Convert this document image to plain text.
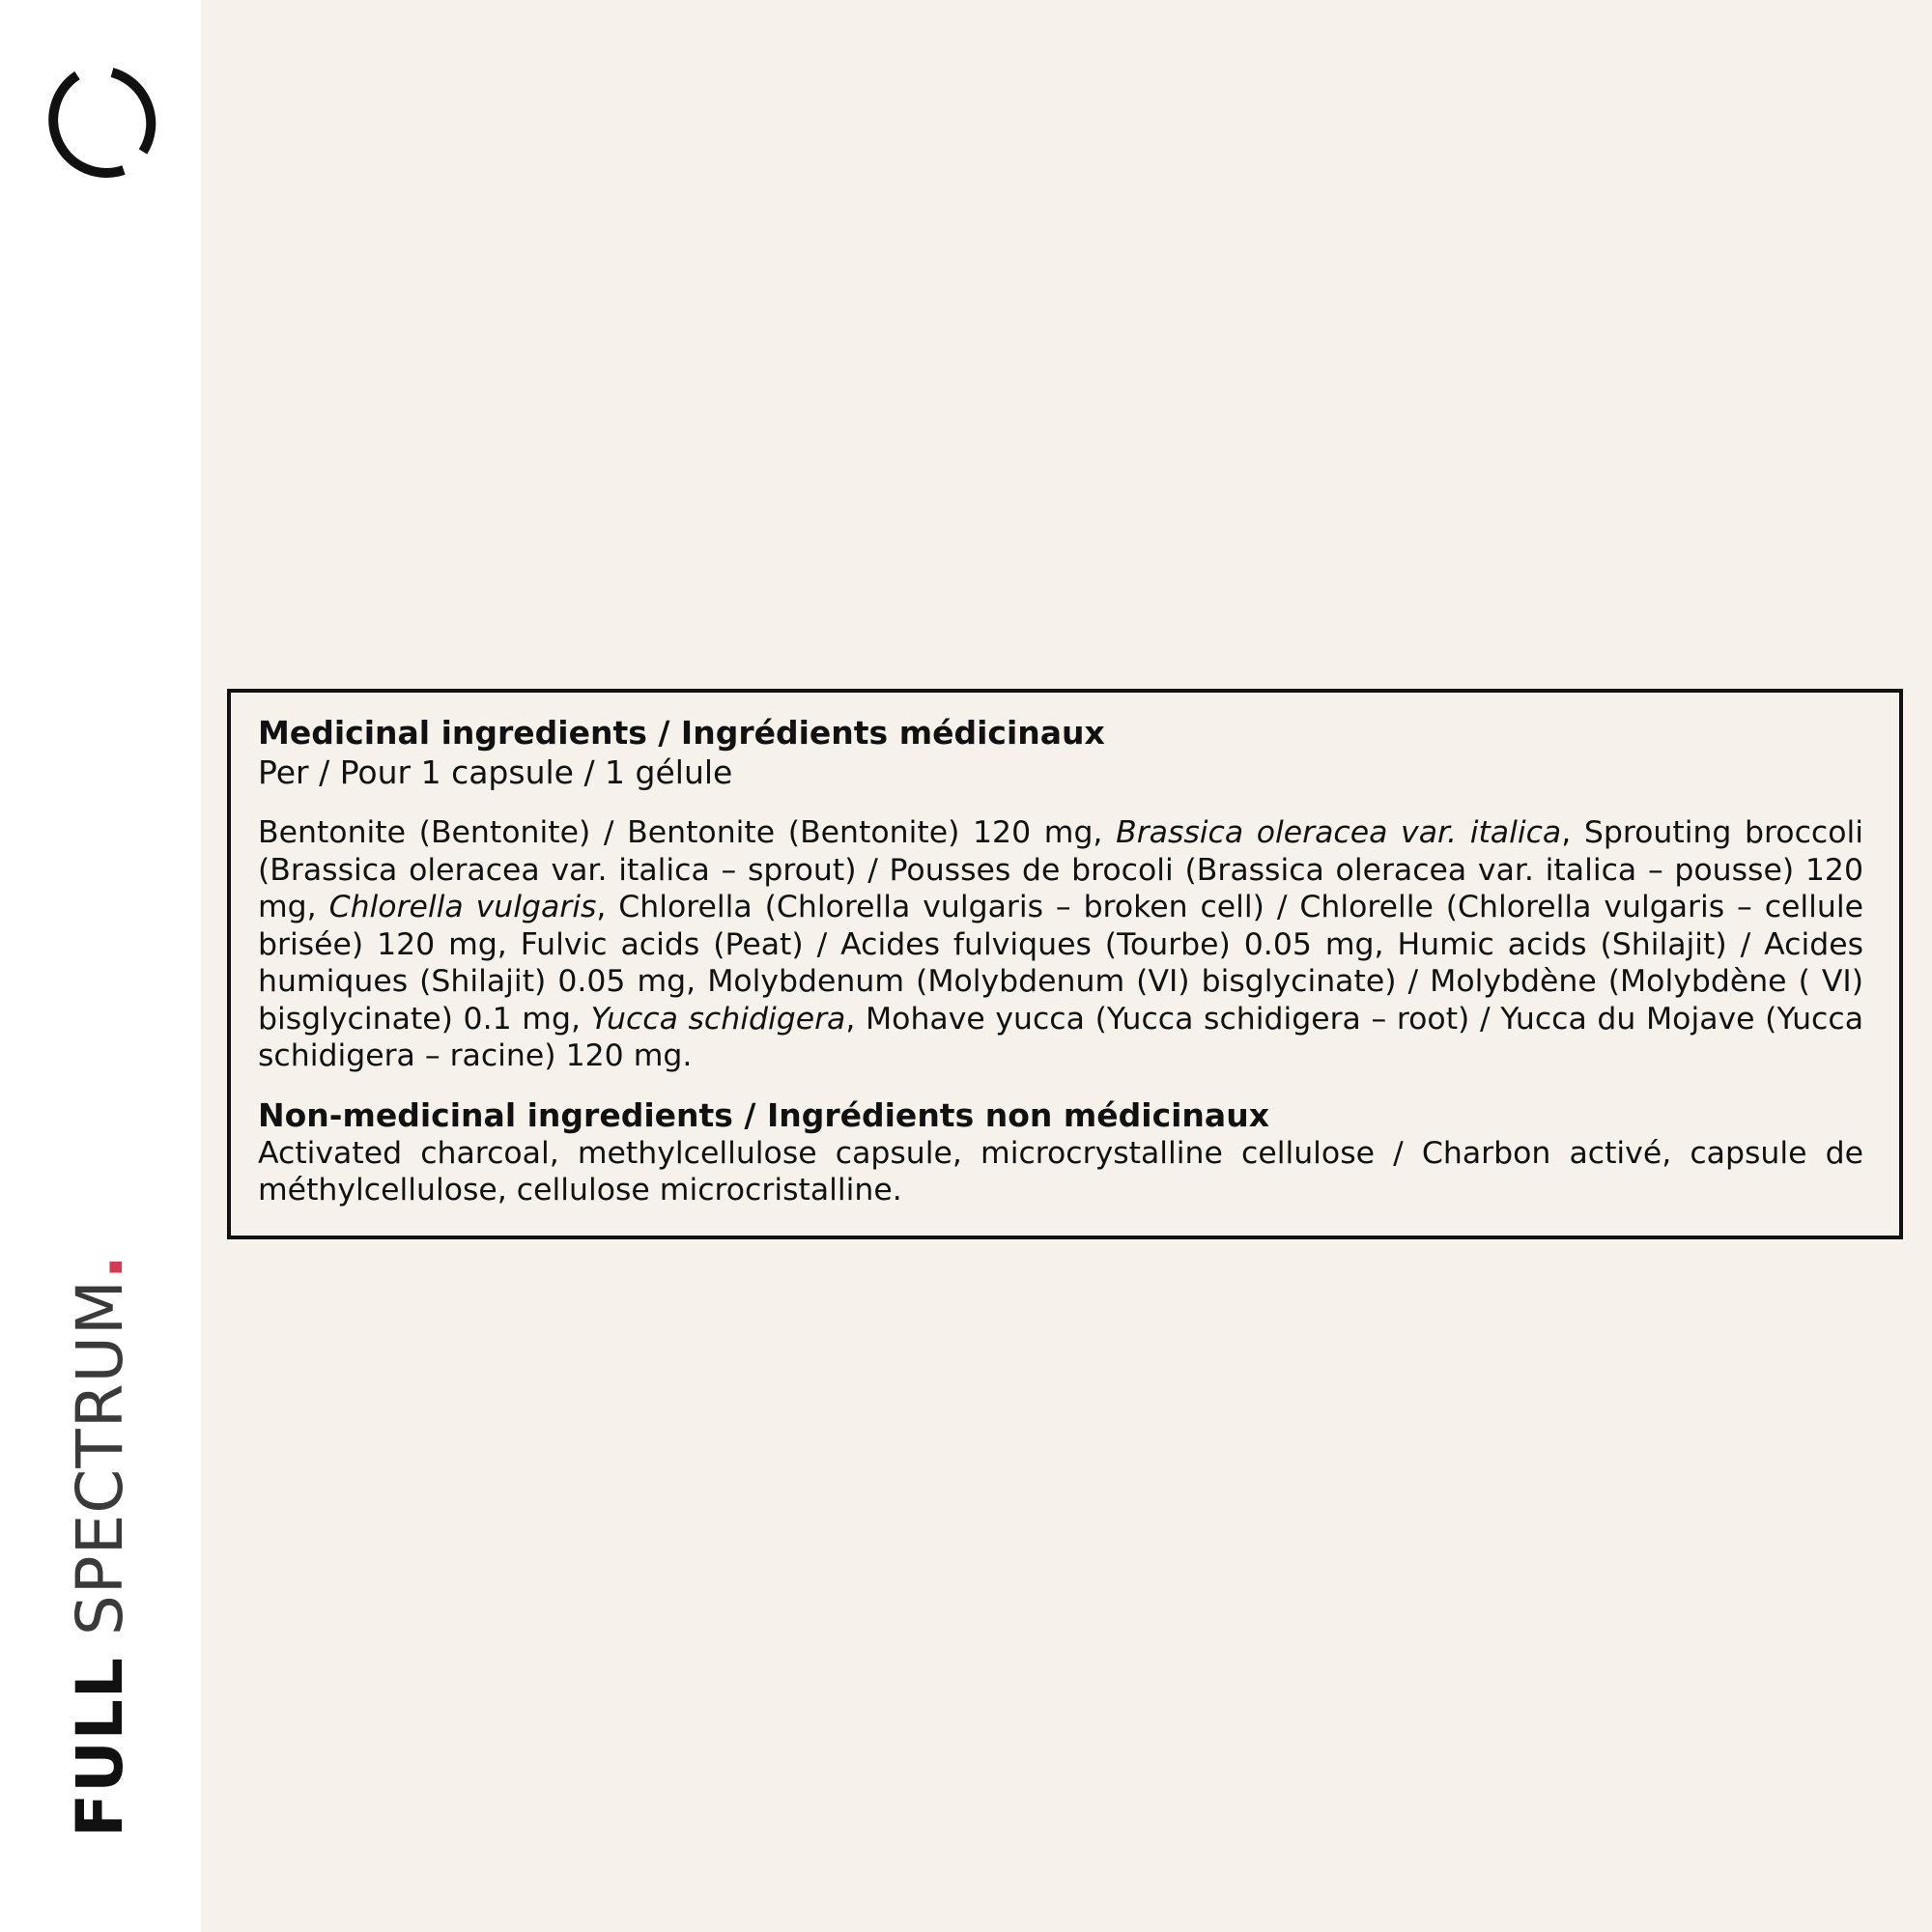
FULL SPECTRUM.

Medicinal ingredients / Ingrédients médicinaux

Per / Pour 1 capsule / 1 gélule

Bentonite (Bentonite) / Bentonite (Bentonite) 120 mg, Brassica oleracea var. italica, Sprouting broccoli (Brassica oleracea var. italica – sprout) / Pousses de brocoli (Brassica oleracea var. italica – pousse) 120 mg, Chlorella vulgaris, Chlorella (Chlorella vulgaris – broken cell) / Chlorelle (Chlorella vulgaris – cellule brisée) 120 mg, Fulvic acids (Peat) / Acides fulviques (Tourbe) 0.05 mg, Humic acids (Shilajit) / Acides humiques (Shilajit) 0.05 mg, Molybdenum (Molybdenum (VI) bisglycinate) / Molybdène (Molybdène ( VI) bisglycinate) 0.1 mg, Yucca schidigera, Mohave yucca (Yucca schidigera – root) / Yucca du Mojave (Yucca schidigera – racine) 120 mg.

Non-medicinal ingredients / Ingrédients non médicinaux

Activated charcoal, methylcellulose capsule, microcrystalline cellulose / Charbon activé, capsule de méthylcellulose, cellulose microcristalline.
